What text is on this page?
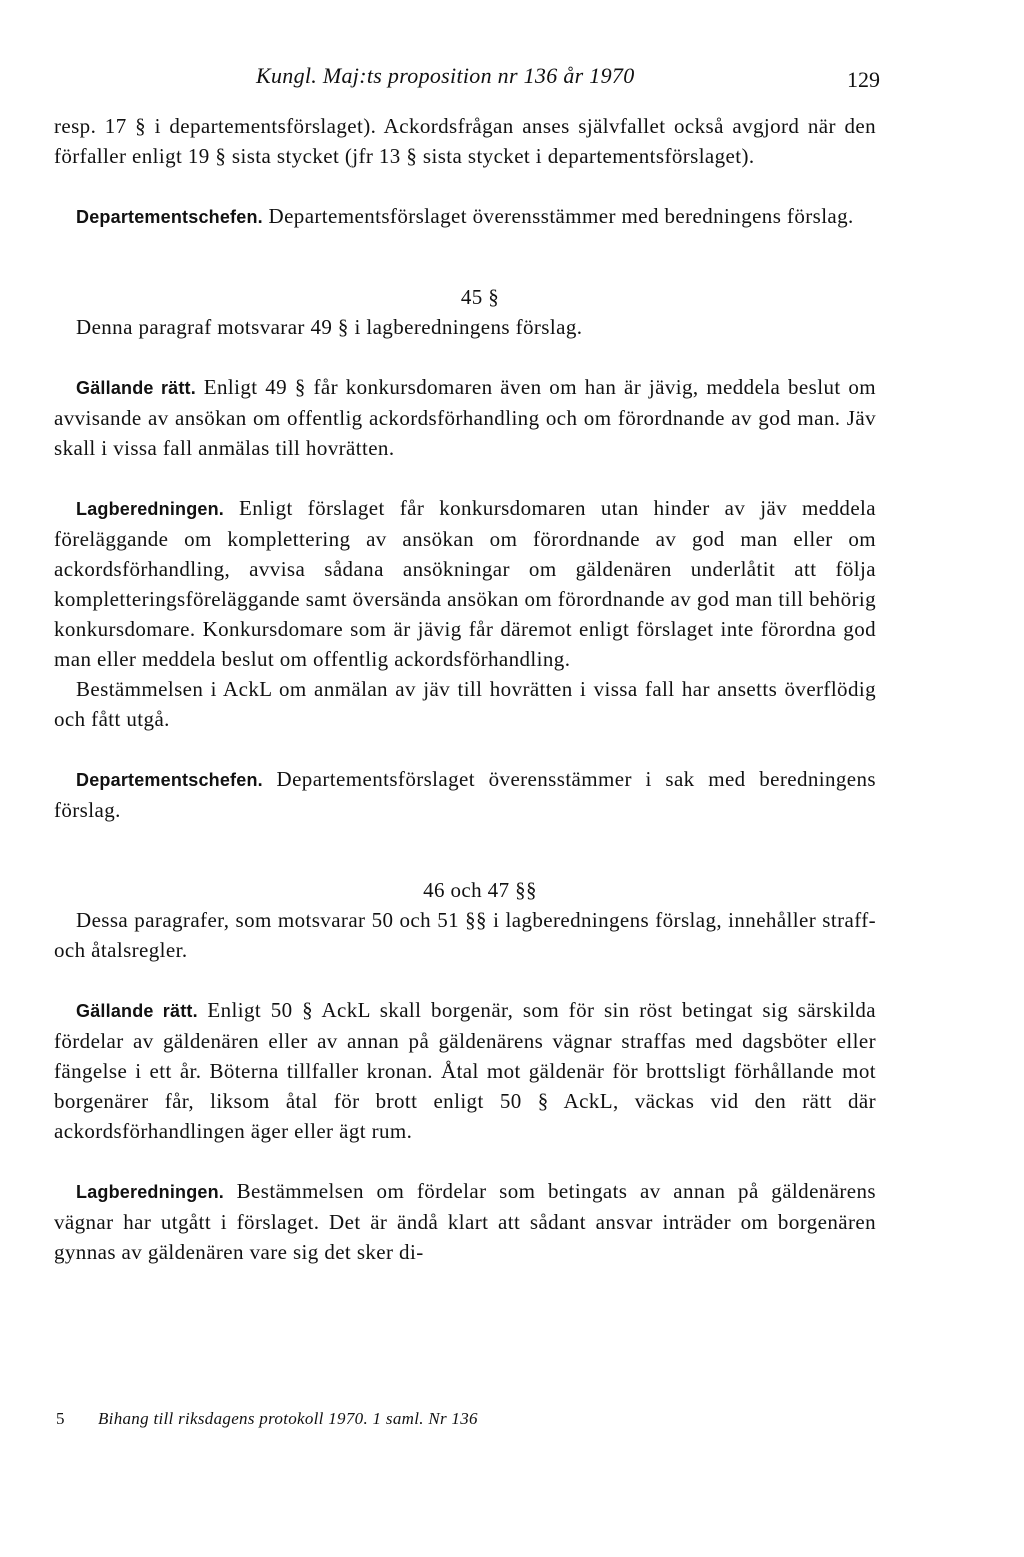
Kungl. Maj:ts proposition nr 136 år 1970	129

resp. 17 § i departementsförslaget). Ackordsfrågan anses självfallet också avgjord när den förfaller enligt 19 § sista stycket (jfr 13 § sista stycket i departementsförslaget).

Departementschefen. Departementsförslaget överensstämmer med beredningens förslag.

45 §

Denna paragraf motsvarar 49 § i lagberedningens förslag.

Gällande rätt. Enligt 49 § får konkursdomaren även om han är jävig, meddela beslut om avvisande av ansökan om offentlig ackordsförhandling och om förordnande av god man. Jäv skall i vissa fall anmälas till hovrätten.

Lagberedningen. Enligt förslaget får konkursdomaren utan hinder av jäv meddela föreläggande om komplettering av ansökan om förordnande av god man eller om ackordsförhandling, avvisa sådana ansökningar om gäldenären underlåtit att följa kompletteringsföreläggande samt översända ansökan om förordnande av god man till behörig konkursdomare. Konkursdomare som är jävig får däremot enligt förslaget inte förordna god man eller meddela beslut om offentlig ackordsförhandling.

Bestämmelsen i AckL om anmälan av jäv till hovrätten i vissa fall har ansetts överflödig och fått utgå.

Departementschefen. Departementsförslaget överensstämmer i sak med beredningens förslag.

46 och 47 §§

Dessa paragrafer, som motsvarar 50 och 51 §§ i lagberedningens förslag, innehåller straff- och åtalsregler.

Gällande rätt. Enligt 50 § AckL skall borgenär, som för sin röst betingat sig särskilda fördelar av gäldenären eller av annan på gäldenärens vägnar straffas med dagsböter eller fängelse i ett år. Böterna tillfaller kronan. Åtal mot gäldenär för brottsligt förhållande mot borgenärer får, liksom åtal för brott enligt 50 § AckL, väckas vid den rätt där ackordsförhandlingen äger eller ägt rum.

Lagberedningen. Bestämmelsen om fördelar som betingats av annan på gäldenärens vägnar har utgått i förslaget. Det är ändå klart att sådant ansvar inträder om borgenären gynnas av gäldenären vare sig det sker di-

5 Bihang till riksdagens protokoll 1970. 1 saml. Nr 136
